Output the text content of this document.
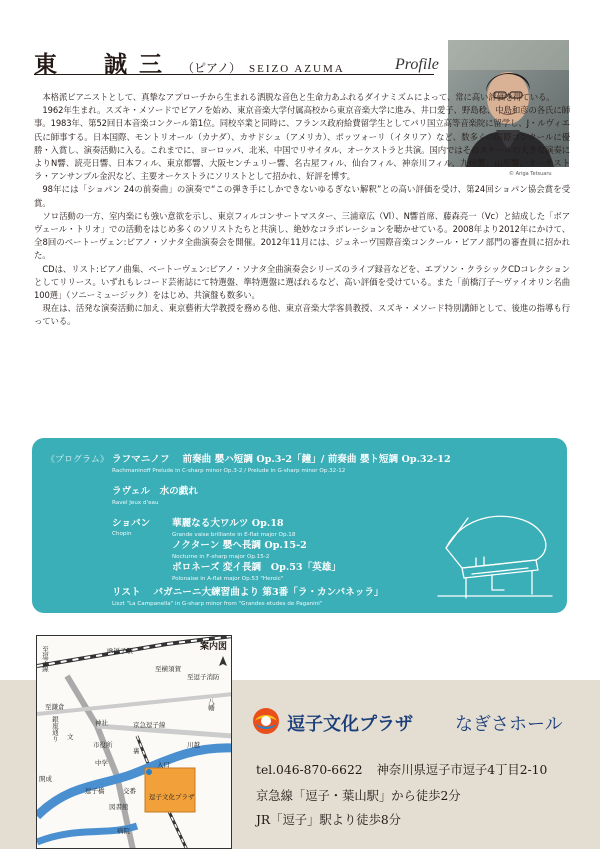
東　誠三 （ピアノ） SEIZO AZUMA	Profile
© Ariga Tetsuaru

本格派ピアニストとして、真摯なアプローチから生まれる洒脱な音色と生命力あふれるダイナミズムによって、常に高い評価を得ている。

1962年生まれ。スズキ・メソードでピアノを始め、東京音楽大学付属高校から東京音楽大学に進み、井口愛子、野島稔、中島和彦の各氏に師事。1983年、第52回日本音楽コンクール第1位。同校卒業と同時に、フランス政府給費留学生としてパリ国立高等音楽院に留学し、J・ルヴィエ氏に師事する。日本国際、モントリオール（カナダ）、カサドシュ（アメリカ）、ポッツォーリ（イタリア）など、数多くの国際コンクールに優勝・入賞し、演奏活動に入る。これまでに、ヨーロッパ、北米、中国でリサイタル、オーケストラと共演。国内ではそのスケールの大きな演奏によりN響、読売日響、日本フィル、東京都響、大阪センチュリー響、名古屋フィル、仙台フィル、神奈川フィル、九州響、山形響、オーケストラ・アンサンブル金沢など、主要オーケストラにソリストとして招かれ、好評を博す。

98年には「ショパン 24の前奏曲」の演奏で“この弾き手にしかできないゆるぎない解釈”との高い評価を受け、第24回ショパン協会賞を受賞。

ソロ活動の一方、室内楽にも強い意欲を示し、東京フィルコンサートマスター、三浦章広（Vl）、N響首席、藤森亮一（Vc）と結成した「ボアヴェール・トリオ」での活動をはじめ多くのソリストたちと共演し、絶妙なコラボレーションを聴かせている。2008年より2012年にかけて、全8回のベートーヴェン:ピアノ・ソナタ全曲演奏会を開催。2012年11月には、ジュネーヴ国際音楽コンクール・ピアノ部門の審査員に招かれた。

CDは、リスト:ピアノ曲集、ベートーヴェン:ピアノ・ソナタ全曲演奏会シリーズのライブ録音などを、エプソン・クラシックCDコレクションとしてリリース。いずれもレコード芸術誌にて特選盤、準特選盤に選ばれるなど、高い評価を受けている。また「前橋汀子～ヴァイオリン名曲100選」（ソニーミュージック）をはじめ、共演盤も数多い。

現在は、活発な演奏活動に加え、東京藝術大学教授を務める他、東京音楽大学客員教授、スズキ・メソード特別講師として、後進の指導も行っている。

《プログラム》 ラフマニノフ　 前奏曲 嬰ハ短調 Op.3-2「鐘」/ 前奏曲 嬰ト短調 Op.32-12
Rachmaninoff Prelude in C-sharp minor Op.3-2 / Prelude in G-sharp minor Op.32-12
ラヴェル　水の戯れ
Ravel Jeux d'eau
ショパン
Chopin
華麗なる大ワルツ Op.18
Grande valse brilliante in E-flat major Op.18
ノクターン 嬰ヘ長調 Op.15-2
Nocturne in F-sharp major Op.15-2
ポロネーズ 変イ長調　Op.53「英雄」
Polonaise in A-flat major Op.53 "Heroic"
リスト　 パガニーニ大練習曲より 第3番「ラ・カンパネッラ」
Liszt "La Campanella" in G-sharp minor from "Grandes etudes de Paganini"
案内図
JR逗子駅
至逗子線	至横須賀
至逗子消防
至鎌倉
銀座通り	神社	京急逗子線
八幡
市役所
裏
川越
入口
中学
開成
逗子橋	交番
逗子文化プラザ
図書館
病院
文
逗子文化プラザ なぎさホール
tel.046-870-6622 神奈川県逗子市逗子4丁目2-10
京急線「逗子・葉山駅」から徒歩2分
JR「逗子」駅より徒歩8分
